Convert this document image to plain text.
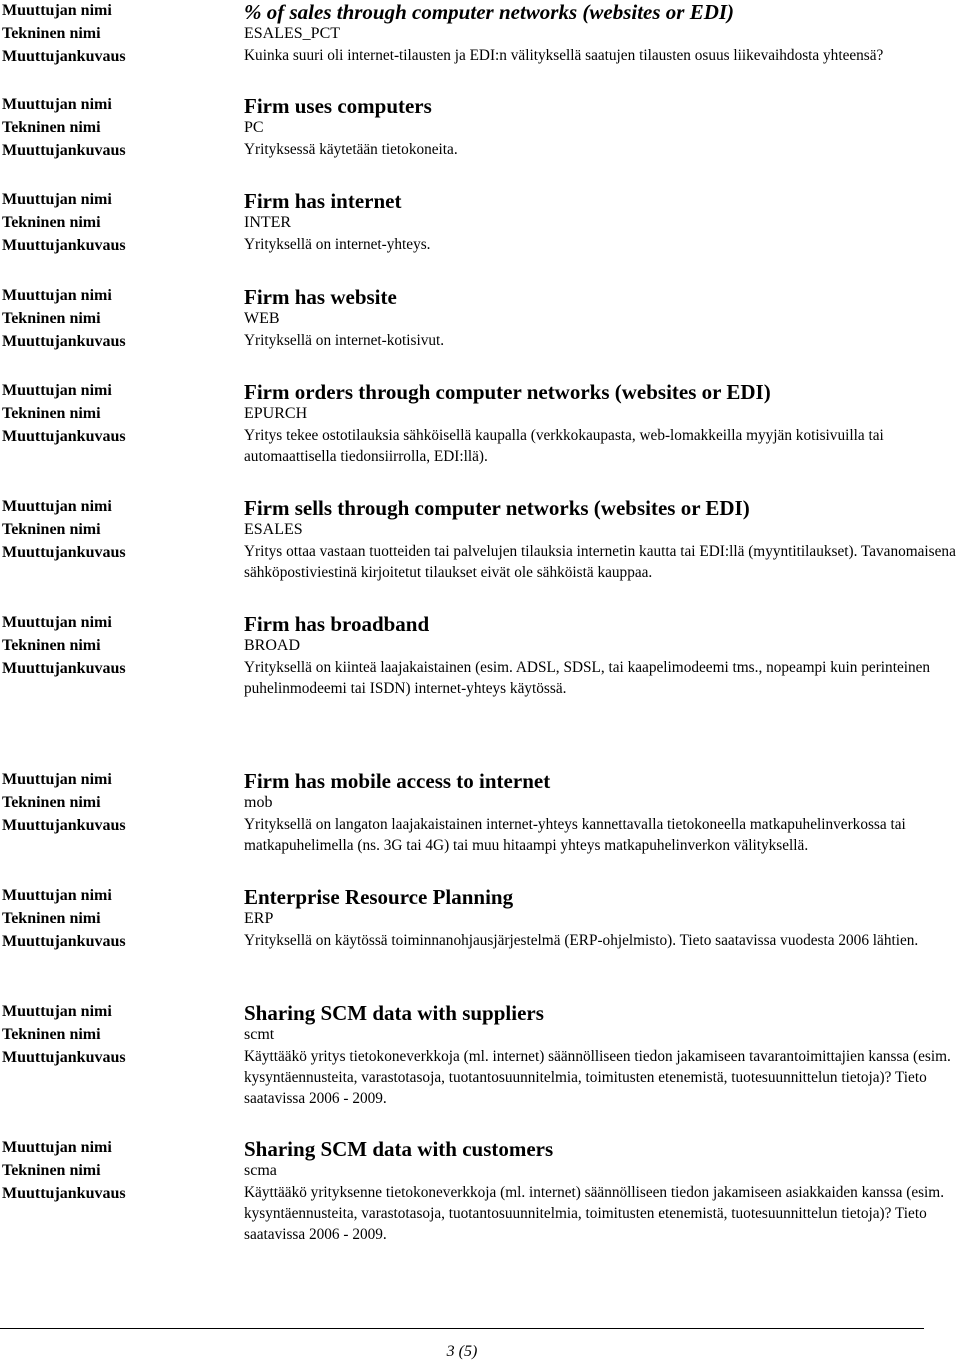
Muuttujan nimi
Tekninen nimi
Muuttujankuvaus
% of sales through computer networks (websites or EDI)
ESALES_PCT
Kuinka suuri oli internet-tilausten ja EDI:n välityksellä saatujen tilausten osuus liikevaihdosta yhteensä?
Muuttujan nimi
Tekninen nimi
Muuttujankuvaus
Firm uses computers
PC
Yrityksessä käytetään tietokoneita.
Muuttujan nimi
Tekninen nimi
Muuttujankuvaus
Firm has internet
INTER
Yrityksellä on internet-yhteys.
Muuttujan nimi
Tekninen nimi
Muuttujankuvaus
Firm has website
WEB
Yrityksellä on internet-kotisivut.
Muuttujan nimi
Tekninen nimi
Muuttujankuvaus
Firm orders through computer networks (websites or EDI)
EPURCH
Yritys tekee ostotilauksia sähköisellä kaupalla (verkkokaupasta, web-lomakkeilla myyjän kotisivuilla tai automaattisella tiedonsiirrolla, EDI:llä).
Muuttujan nimi
Tekninen nimi
Muuttujankuvaus
Firm sells through computer networks (websites or EDI)
ESALES
Yritys ottaa vastaan tuotteiden tai palvelujen tilauksia internetin kautta tai EDI:llä (myyntitilaukset). Tavanomaisena sähköpostiviestinä kirjoitetut tilaukset eivät ole sähköistä kauppaa.
Muuttujan nimi
Tekninen nimi
Muuttujankuvaus
Firm has broadband
BROAD
Yrityksellä on kiinteä laajakaistainen (esim. ADSL, SDSL, tai kaapelimodeemi tms., nopeampi kuin perinteinen puhelinmodeemi tai ISDN) internet-yhteys käytössä.
Muuttujan nimi
Tekninen nimi
Muuttujankuvaus
Firm has mobile access to internet
mob
Yrityksellä on langaton laajakaistainen internet-yhteys kannettavalla tietokoneella matkapuhelinverkossa tai matkapuhelimella (ns. 3G tai 4G) tai muu hitaampi yhteys matkapuhelinverkon välityksellä.
Muuttujan nimi
Tekninen nimi
Muuttujankuvaus
Enterprise Resource Planning
ERP
Yrityksellä on käytössä toiminnanohjausjärjestelmä (ERP-ohjelmisto). Tieto saatavissa vuodesta 2006 lähtien.
Muuttujan nimi
Tekninen nimi
Muuttujankuvaus
Sharing SCM data with suppliers
scmt
Käyttääkö yritys tietokoneverkkoja (ml. internet) säännölliseen tiedon jakamiseen tavarantoimittajien kanssa (esim. kysyntäennusteita, varastotasoja, tuotantosuunnitelmia, toimitusten etenemistä, tuotesuunnittelun tietoja)? Tieto saatavissa 2006 - 2009.
Muuttujan nimi
Tekninen nimi
Muuttujankuvaus
Sharing SCM data with customers
scma
Käyttääkö yrityksenne tietokoneverkkoja (ml. internet) säännölliseen tiedon jakamiseen asiakkaiden kanssa (esim. kysyntäennusteita, varastotasoja, tuotantosuunnitelmia, toimitusten etenemistä, tuotesuunnittelun tietoja)? Tieto saatavissa 2006 - 2009.
3 (5)
